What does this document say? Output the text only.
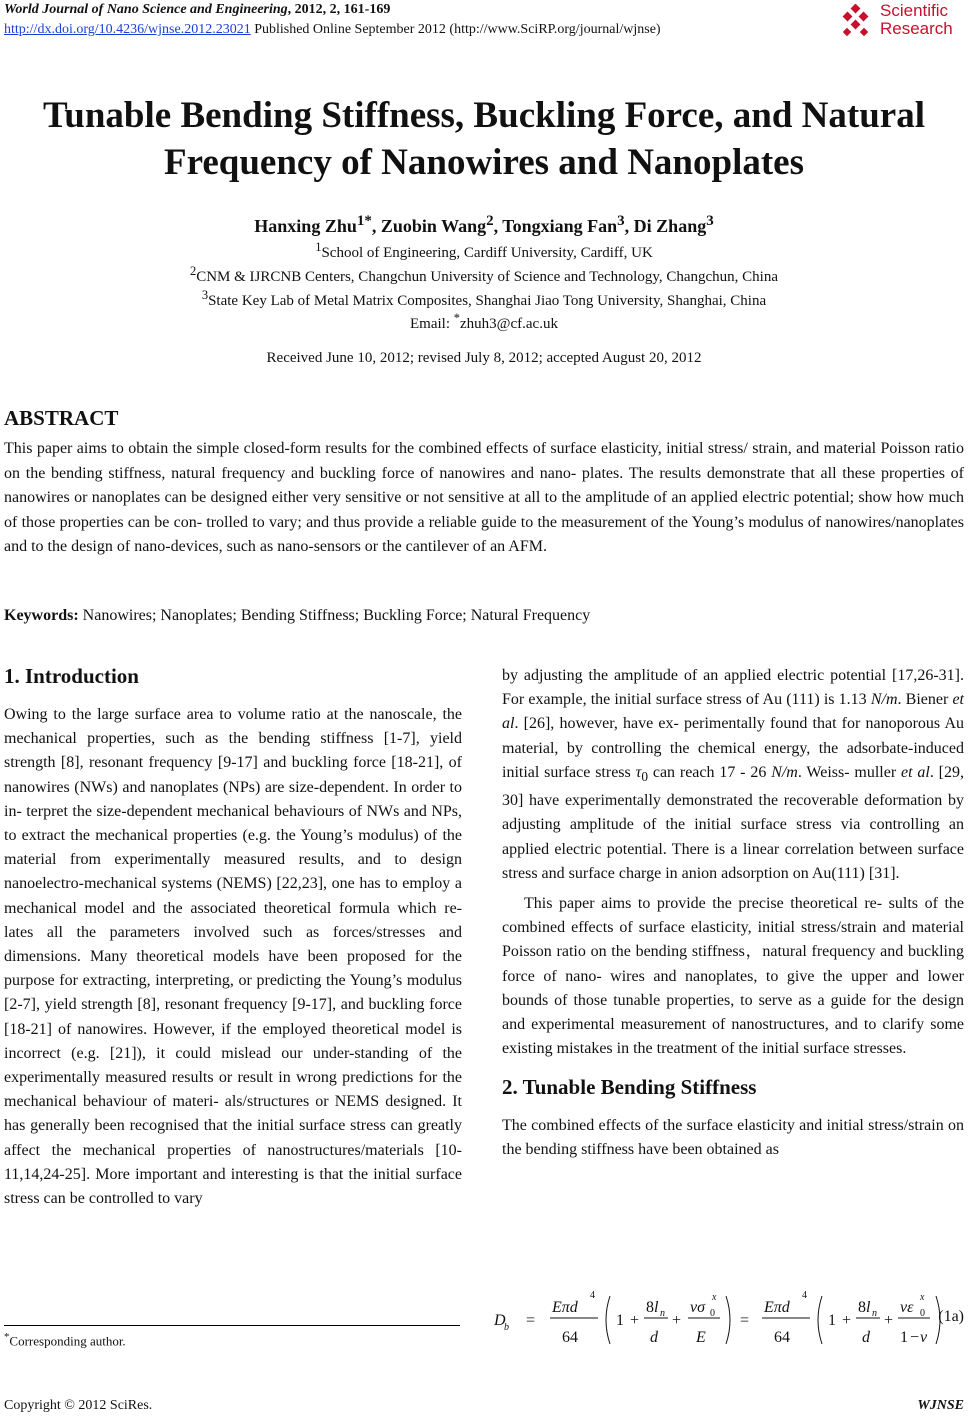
World Journal of Nano Science and Engineering, 2012, 2, 161-169
http://dx.doi.org/10.4236/wjnse.2012.23021 Published Online September 2012 (http://www.SciRP.org/journal/wjnse)
Scientific
Research
Tunable Bending Stiffness, Buckling Force, and Natural Frequency of Nanowires and Nanoplates
Hanxing Zhu$^{1*}$, Zuobin Wang$^2$, Tongxiang Fan$^3$, Di Zhang$^3$
$^1$School of Engineering, Cardiff University, Cardiff, UK
$^2$CNM & IJRCNB Centers, Changchun University of Science and Technology, Changchun, China
$^3$State Key Lab of Metal Matrix Composites, Shanghai Jiao Tong University, Shanghai, China
Email: *zhuh3@cf.ac.uk
Received June 10, 2012; revised July 8, 2012; accepted August 20, 2012
ABSTRACT
This paper aims to obtain the simple closed-form results for the combined effects of surface elasticity, initial stress/ strain, and material Poisson ratio on the bending stiffness, natural frequency and buckling force of nanowires and nano- plates. The results demonstrate that all these properties of nanowires or nanoplates can be designed either very sensitive or not sensitive at all to the amplitude of an applied electric potential; show how much of those properties can be con- trolled to vary; and thus provide a reliable guide to the measurement of the Young’s modulus of nanowires/nanoplates and to the design of nano-devices, such as nano-sensors or the cantilever of an AFM.
Keywords: Nanowires; Nanoplates; Bending Stiffness; Buckling Force; Natural Frequency
1. Introduction

Owing to the large surface area to volume ratio at the nanoscale, the mechanical properties, such as the bending stiffness [1-7], yield strength [8], resonant frequency [9-17] and buckling force [18-21], of nanowires (NWs) and nanoplates (NPs) are size-dependent. In order to in- terpret the size-dependent mechanical behaviours of NWs and NPs, to extract the mechanical properties (e.g. the Young’s modulus) of the material from experimentally measured results, and to design nanoelectro-mechanical systems (NEMS) [22,23], one has to employ a mechanical model and the associated theoretical formula which re- lates all the parameters involved such as forces/stresses and dimensions. Many theoretical models have been proposed for the purpose for extracting, interpreting, or predicting the Young’s modulus [2-7], yield strength [8], resonant frequency [9-17], and buckling force [18-21] of nanowires. However, if the employed theoretical model is incorrect (e.g. [21]), it could mislead our under-standing of the experimentally measured results or result in wrong predictions for the mechanical behaviour of materi- als/structures or NEMS designed. It has generally been recognised that the initial surface stress can greatly affect the mechanical properties of nanostructures/materials [10-11,14,24-25]. More important and interesting is that the initial surface stress can be controlled to vary

by adjusting the amplitude of an applied electric potential [17,26-31]. For example, the initial surface stress of Au (111) is 1.13 N/m. Biener et al. [26], however, have ex- perimentally found that for nanoporous Au material, by controlling the chemical energy, the adsorbate-induced initial surface stress $\tau_0$ can reach 17 - 26 N/m. Weiss- muller et al. [29, 30] have experimentally demonstrated the recoverable deformation by adjusting amplitude of the initial surface stress via controlling an applied electric potential. There is a linear correlation between surface stress and surface charge in anion adsorption on Au(111) [31].

This paper aims to provide the precise theoretical re- sults of the combined effects of surface elasticity, initial stress/strain and material Poisson ratio on the bending stiffness，natural frequency and buckling force of nano- wires and nanoplates, to give the upper and lower bounds of those tunable properties, to serve as a guide for the design and experimental measurement of nanostructures, and to clarify some existing mistakes in the treatment of the initial surface stresses.

2. Tunable Bending Stiffness

The combined effects of the surface elasticity and initial stress/strain on the bending stiffness have been obtained as

D
b =
4
Eπd
64
1 +
8 l n
d
+
νσ
x
0
E
=
4
Eπd
64
1 +
8 l n
d
+
νε
x
0
1 − ν
(1a)
*Corresponding author.
Copyright © 2012 SciRes.	WJNSE
